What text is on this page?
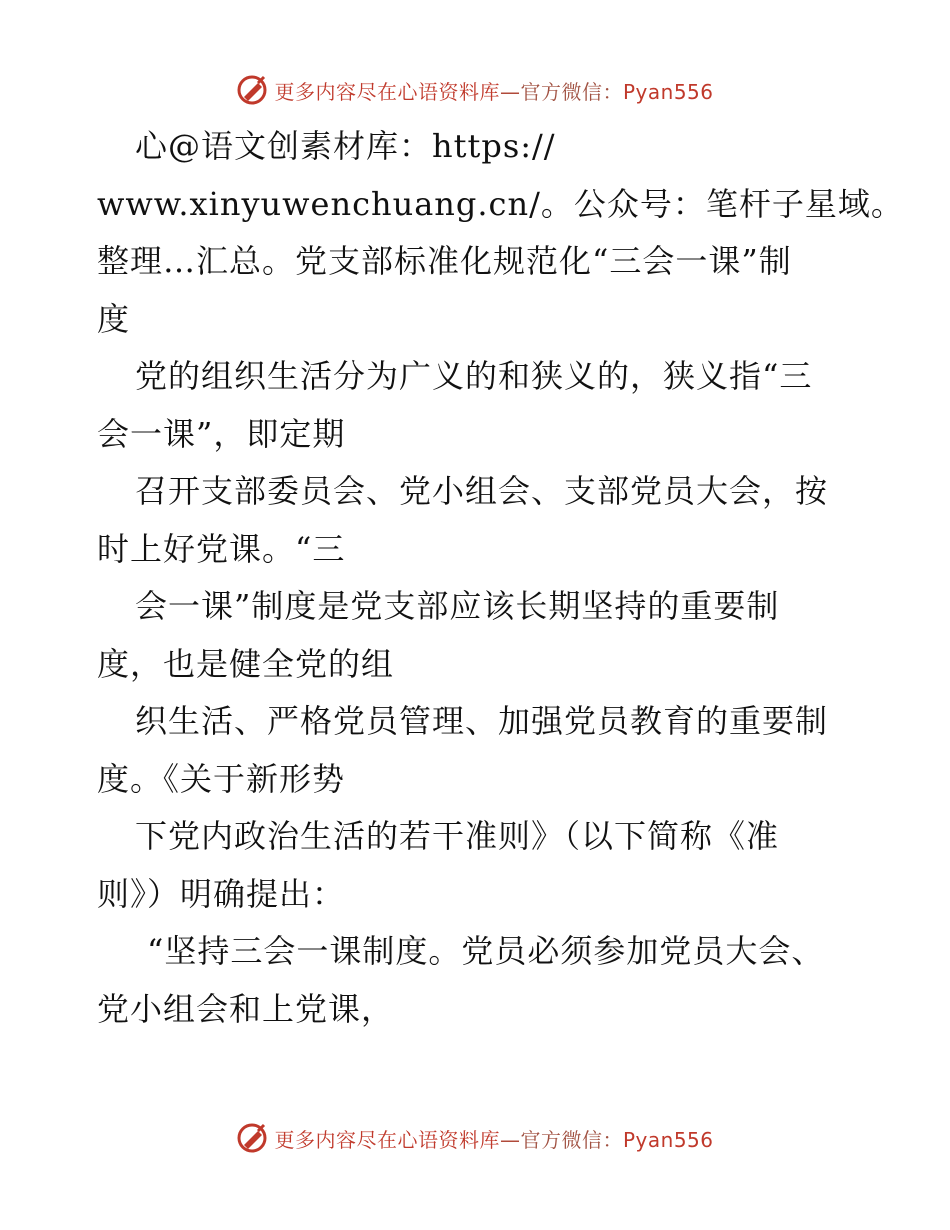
更多内容尽在心语资料库—官方微信：Pyan556
心@语文创素材库：https://
www.xinyuwenchuang.cn/。公众号：笔杆子星域。
整理…汇总。党支部标准化规范化“三会一课”制
度
党的组织生活分为广义的和狭义的，狭义指“三
会一课”，即定期
召开支部委员会、党小组会、支部党员大会，按
时上好党课。“三
会一课”制度是党支部应该长期坚持的重要制
度，也是健全党的组
织生活、严格党员管理、加强党员教育的重要制
度。《关于新形势
下党内政治生活的若干准则》（以下简称《准
则》）明确提出：
“坚持三会一课制度。党员必须参加党员大会、
党小组会和上党课，
更多内容尽在心语资料库—官方微信：Pyan556
